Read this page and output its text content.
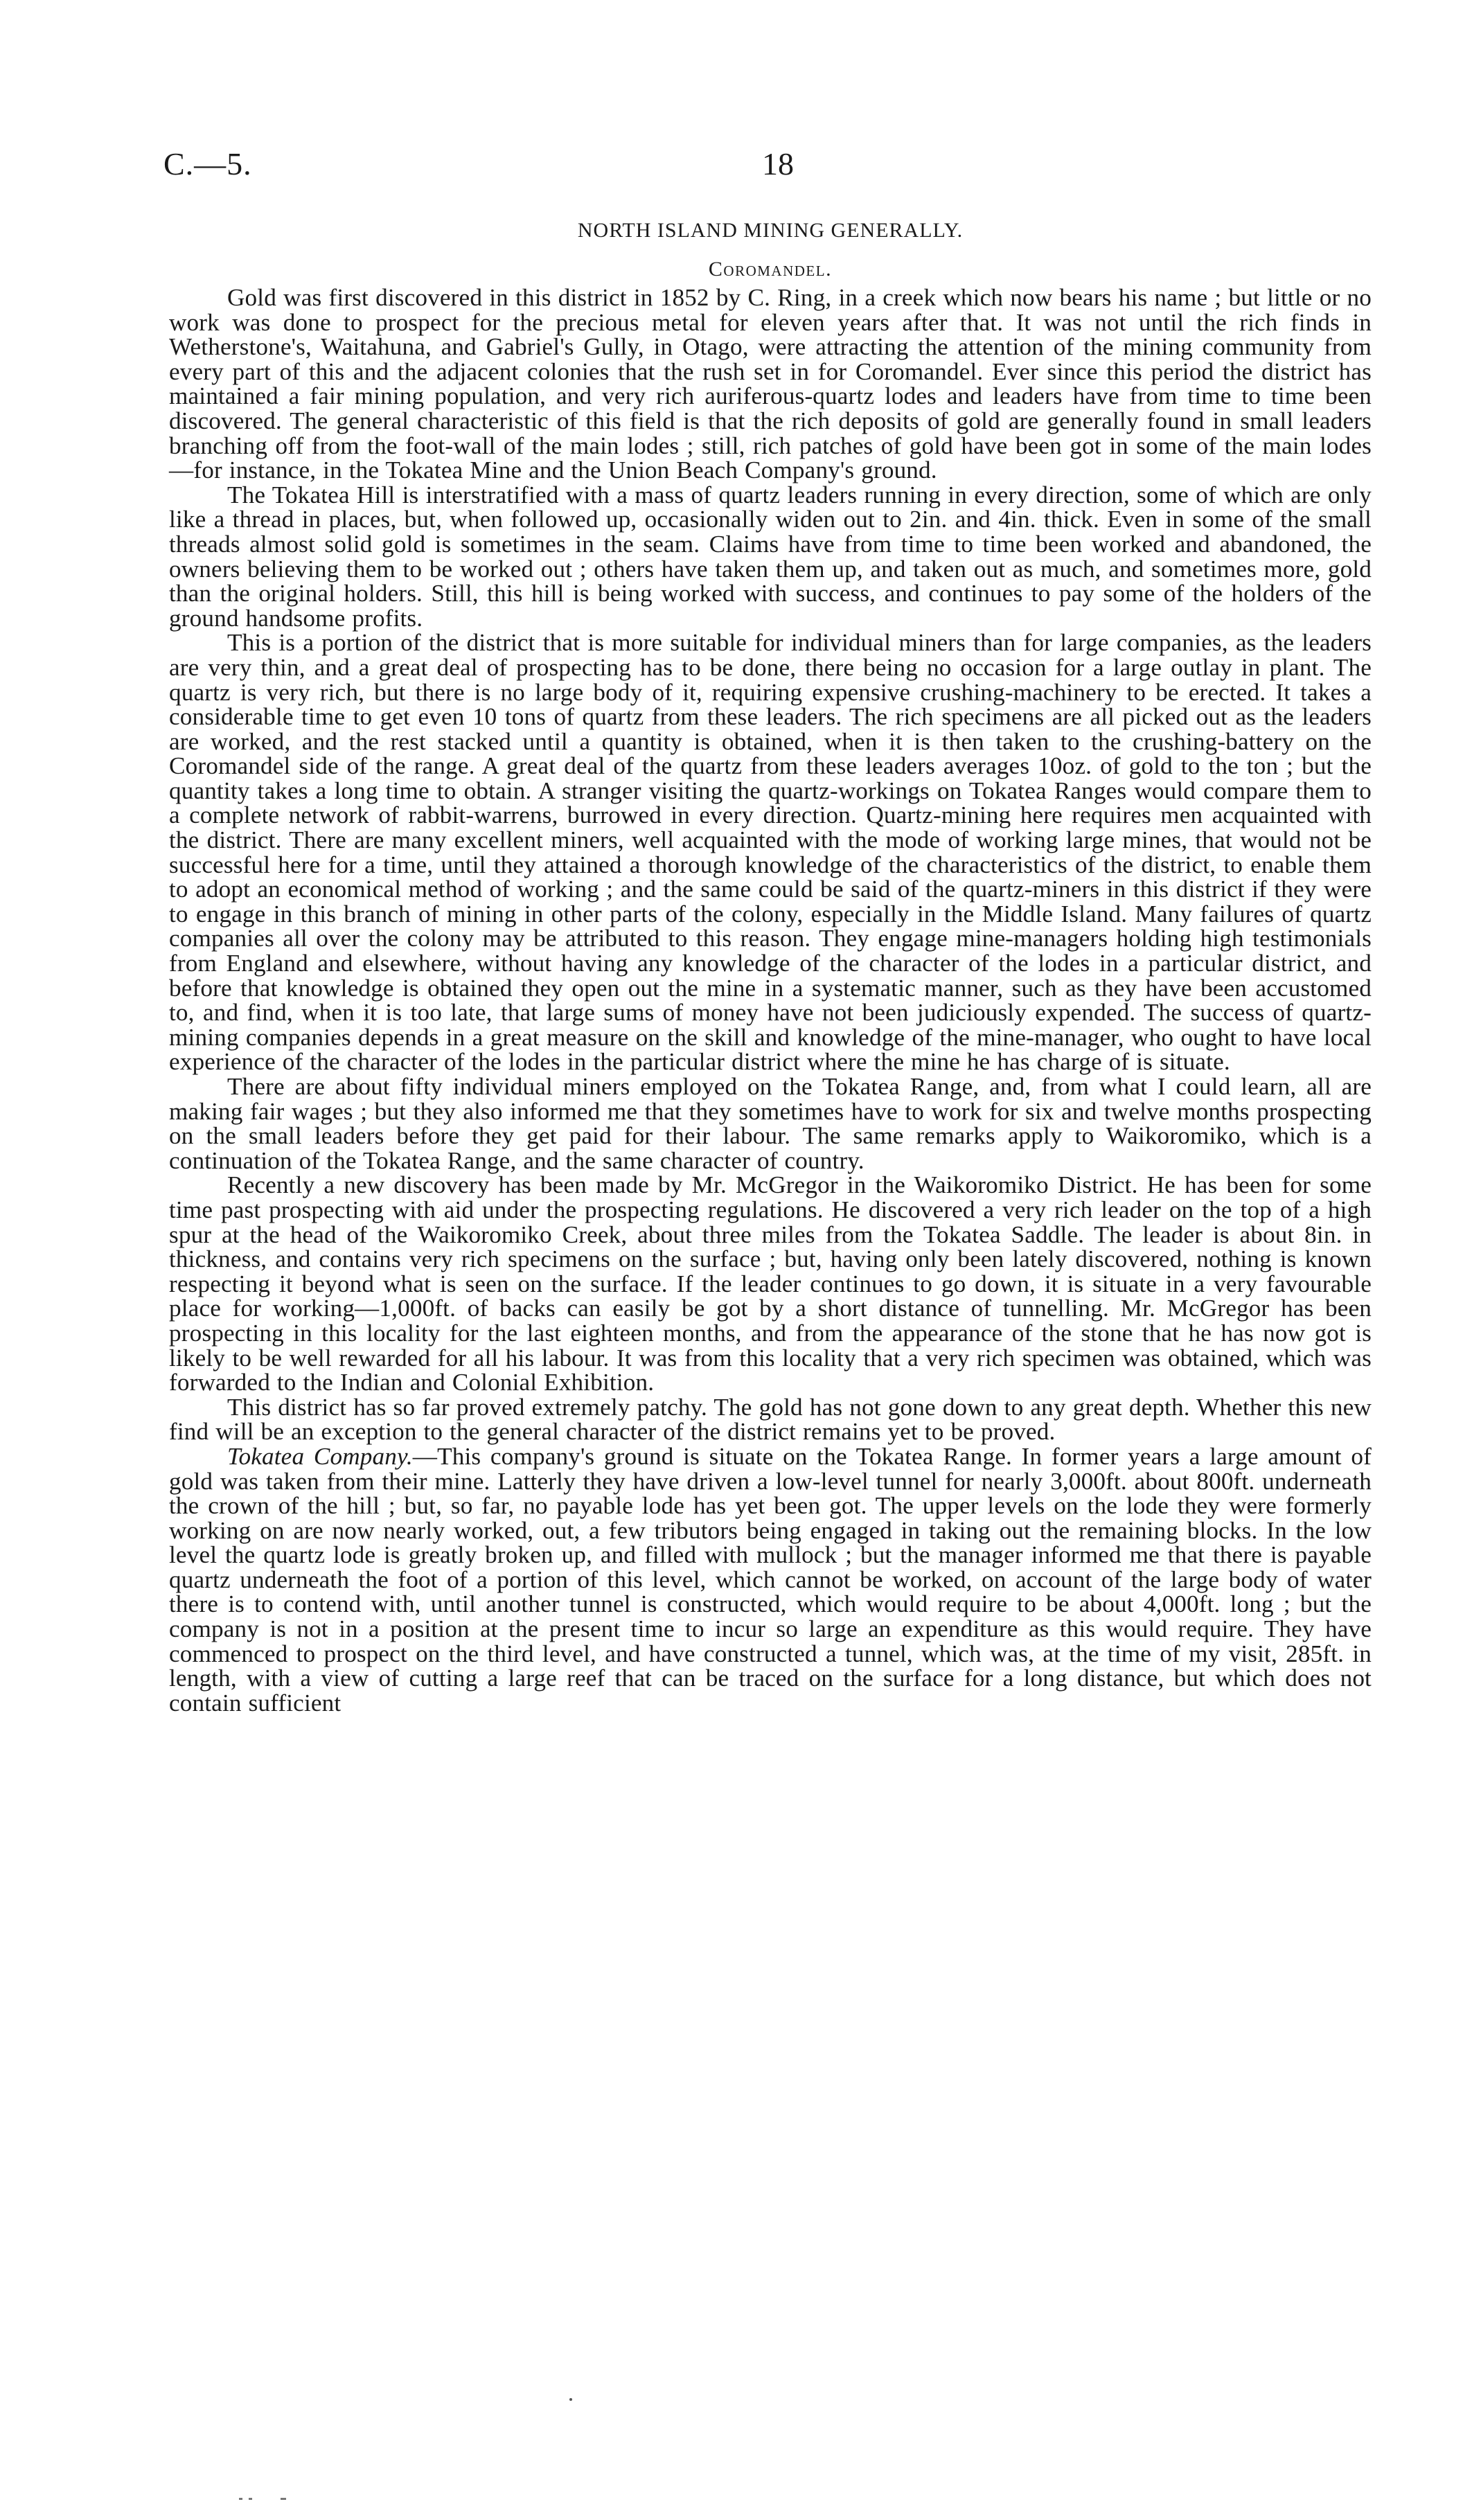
C.—5.	18
NORTH ISLAND MINING GENERALLY.
Coromandel.

Gold was first discovered in this district in 1852 by C. Ring, in a creek which now bears his name ; but little or no work was done to prospect for the precious metal for eleven years after that. It was not until the rich finds in Wetherstone's, Waitahuna, and Gabriel's Gully, in Otago, were attracting the attention of the mining community from every part of this and the adjacent colonies that the rush set in for Coromandel. Ever since this period the district has maintained a fair mining population, and very rich auriferous-quartz lodes and leaders have from time to time been discovered. The general characteristic of this field is that the rich deposits of gold are generally found in small leaders branching off from the foot-wall of the main lodes ; still, rich patches of gold have been got in some of the main lodes—for instance, in the Tokatea Mine and the Union Beach Company's ground.

The Tokatea Hill is interstratified with a mass of quartz leaders running in every direction, some of which are only like a thread in places, but, when followed up, occasionally widen out to 2in. and 4in. thick. Even in some of the small threads almost solid gold is sometimes in the seam. Claims have from time to time been worked and abandoned, the owners believing them to be worked out ; others have taken them up, and taken out as much, and sometimes more, gold than the original holders. Still, this hill is being worked with success, and continues to pay some of the holders of the ground handsome profits.

This is a portion of the district that is more suitable for individual miners than for large companies, as the leaders are very thin, and a great deal of prospecting has to be done, there being no occasion for a large outlay in plant. The quartz is very rich, but there is no large body of it, requiring expensive crushing-machinery to be erected. It takes a considerable time to get even 10 tons of quartz from these leaders. The rich specimens are all picked out as the leaders are worked, and the rest stacked until a quantity is obtained, when it is then taken to the crushing-battery on the Coromandel side of the range. A great deal of the quartz from these leaders averages 10oz. of gold to the ton ; but the quantity takes a long time to obtain. A stranger visiting the quartz-workings on Tokatea Ranges would compare them to a complete network of rabbit-warrens, burrowed in every direction. Quartz-mining here requires men acquainted with the district. There are many excellent miners, well acquainted with the mode of working large mines, that would not be successful here for a time, until they attained a thorough knowledge of the characteristics of the district, to enable them to adopt an economical method of working ; and the same could be said of the quartz-miners in this district if they were to engage in this branch of mining in other parts of the colony, especially in the Middle Island. Many failures of quartz companies all over the colony may be attributed to this reason. They engage mine-managers holding high testimonials from England and elsewhere, without having any knowledge of the character of the lodes in a particular district, and before that knowledge is obtained they open out the mine in a systematic manner, such as they have been accustomed to, and find, when it is too late, that large sums of money have not been judiciously expended. The success of quartz-mining companies depends in a great measure on the skill and knowledge of the mine-manager, who ought to have local experience of the character of the lodes in the particular district where the mine he has charge of is situate.

There are about fifty individual miners employed on the Tokatea Range, and, from what I could learn, all are making fair wages ; but they also informed me that they sometimes have to work for six and twelve months prospecting on the small leaders before they get paid for their labour. The same remarks apply to Waikoromiko, which is a continuation of the Tokatea Range, and the same character of country.

Recently a new discovery has been made by Mr. McGregor in the Waikoromiko District. He has been for some time past prospecting with aid under the prospecting regulations. He discovered a very rich leader on the top of a high spur at the head of the Waikoromiko Creek, about three miles from the Tokatea Saddle. The leader is about 8in. in thickness, and contains very rich specimens on the surface ; but, having only been lately discovered, nothing is known respecting it beyond what is seen on the surface. If the leader continues to go down, it is situate in a very favourable place for working—1,000ft. of backs can easily be got by a short distance of tunnelling. Mr. McGregor has been prospecting in this locality for the last eighteen months, and from the appearance of the stone that he has now got is likely to be well rewarded for all his labour. It was from this locality that a very rich specimen was obtained, which was forwarded to the Indian and Colonial Exhibition.

This district has so far proved extremely patchy. The gold has not gone down to any great depth. Whether this new find will be an exception to the general character of the district remains yet to be proved.

Tokatea Company.—This company's ground is situate on the Tokatea Range. In former years a large amount of gold was taken from their mine. Latterly they have driven a low-level tunnel for nearly 3,000ft. about 800ft. underneath the crown of the hill ; but, so far, no payable lode has yet been got. The upper levels on the lode they were formerly working on are now nearly worked, out, a few tributors being engaged in taking out the remaining blocks. In the low level the quartz lode is greatly broken up, and filled with mullock ; but the manager informed me that there is payable quartz underneath the foot of a portion of this level, which cannot be worked, on account of the large body of water there is to contend with, until another tunnel is constructed, which would require to be about 4,000ft. long ; but the company is not in a position at the present time to incur so large an expenditure as this would require. They have commenced to prospect on the third level, and have constructed a tunnel, which was, at the time of my visit, 285ft. in length, with a view of cutting a large reef that can be traced on the surface for a long distance, but which does not contain sufficient
